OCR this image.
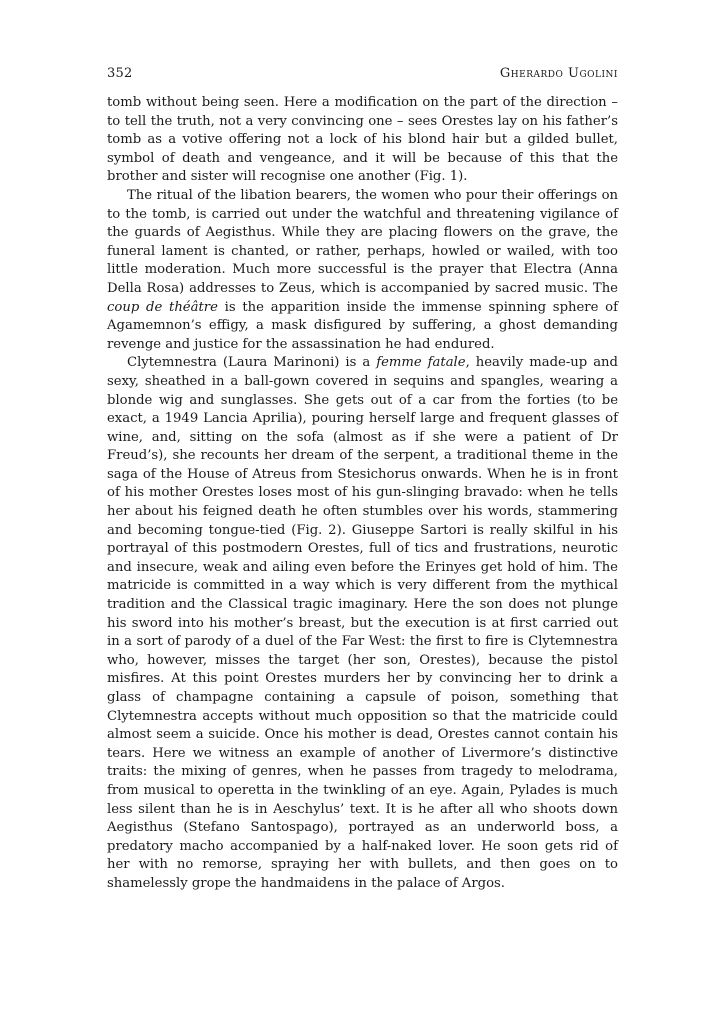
352	Gherardo Ugolini

tomb without being seen. Here a modification on the part of the direction – to tell the truth, not a very convincing one – sees Orestes lay on his father’s tomb as a votive offering not a lock of his blond hair but a gilded bullet, symbol of death and vengeance, and it will be because of this that the brother and sister will recognise one another (Fig. 1).

The ritual of the libation bearers, the women who pour their offerings on to the tomb, is carried out under the watchful and threatening vigilance of the guards of Aegisthus. While they are placing flowers on the grave, the funeral lament is chanted, or rather, perhaps, howled or wailed, with too little moderation. Much more successful is the prayer that Electra (Anna Della Rosa) addresses to Zeus, which is accompanied by sacred music. The coup de théâtre is the apparition inside the immense spinning sphere of Agamemnon’s effigy, a mask disfigured by suffering, a ghost demanding revenge and justice for the assassination he had endured.

Clytemnestra (Laura Marinoni) is a femme fatale, heavily made-up and sexy, sheathed in a ball-gown covered in sequins and spangles, wearing a blonde wig and sunglasses. She gets out of a car from the forties (to be exact, a 1949 Lancia Aprilia), pouring herself large and frequent glasses of wine, and, sitting on the sofa (almost as if she were a patient of Dr Freud’s), she recounts her dream of the serpent, a traditional theme in the saga of the House of Atreus from Stesichorus onwards. When he is in front of his mother Orestes loses most of his gun-slinging bravado: when he tells her about his feigned death he often stumbles over his words, stammering and becoming tongue-tied (Fig. 2). Giuseppe Sartori is really skilful in his portrayal of this postmodern Orestes, full of tics and frustrations, neurotic and insecure, weak and ailing even before the Erinyes get hold of him. The matricide is committed in a way which is very different from the mythical tradition and the Classical tragic imaginary. Here the son does not plunge his sword into his mother’s breast, but the execution is at first carried out in a sort of parody of a duel of the Far West: the first to fire is Clytemnestra who, however, misses the target (her son, Orestes), because the pistol misfires. At this point Orestes murders her by convincing her to drink a glass of champagne containing a capsule of poison, something that Clytemnestra accepts without much opposition so that the matricide could almost seem a suicide. Once his mother is dead, Orestes cannot contain his tears. Here we witness an example of another of Livermore’s distinctive traits: the mixing of genres, when he passes from tragedy to melodrama, from musical to operetta in the twinkling of an eye. Again, Pylades is much less silent than he is in Aeschylus’ text. It is he after all who shoots down Aegisthus (Stefano Santospago), portrayed as an underworld boss, a predatory macho accompanied by a half-naked lover. He soon gets rid of her with no remorse, spraying her with bullets, and then goes on to shamelessly grope the handmaidens in the palace of Argos.
